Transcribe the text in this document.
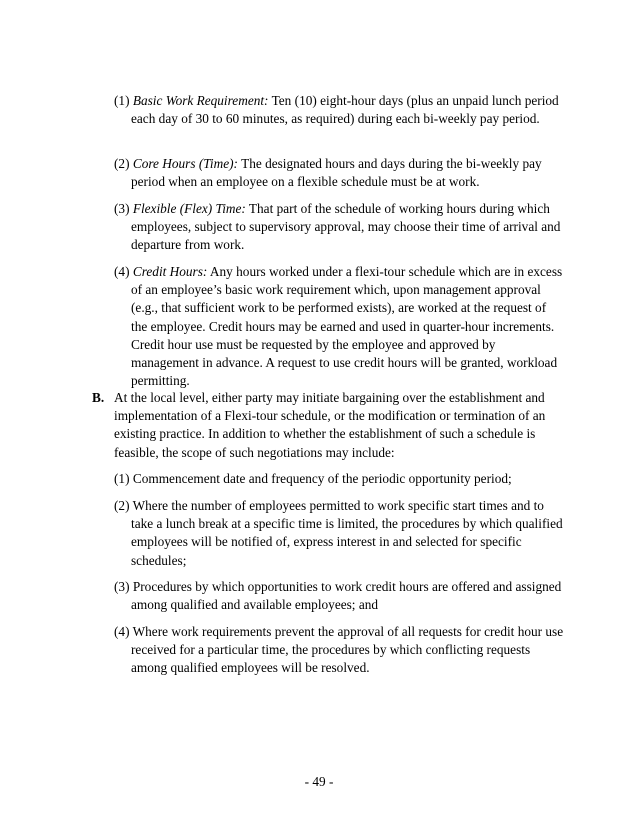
(1) Basic Work Requirement: Ten (10) eight-hour days (plus an unpaid lunch period each day of 30 to 60 minutes, as required) during each bi-weekly pay period.
(2) Core Hours (Time): The designated hours and days during the bi-weekly pay period when an employee on a flexible schedule must be at work.
(3) Flexible (Flex) Time: That part of the schedule of working hours during which employees, subject to supervisory approval, may choose their time of arrival and departure from work.
(4) Credit Hours: Any hours worked under a flexi-tour schedule which are in excess of an employee’s basic work requirement which, upon management approval (e.g., that sufficient work to be performed exists), are worked at the request of the employee. Credit hours may be earned and used in quarter-hour increments. Credit hour use must be requested by the employee and approved by management in advance. A request to use credit hours will be granted, workload permitting.
B. At the local level, either party may initiate bargaining over the establishment and implementation of a Flexi-tour schedule, or the modification or termination of an existing practice. In addition to whether the establishment of such a schedule is feasible, the scope of such negotiations may include:
(1) Commencement date and frequency of the periodic opportunity period;
(2) Where the number of employees permitted to work specific start times and to take a lunch break at a specific time is limited, the procedures by which qualified employees will be notified of, express interest in and selected for specific schedules;
(3) Procedures by which opportunities to work credit hours are offered and assigned among qualified and available employees; and
(4) Where work requirements prevent the approval of all requests for credit hour use received for a particular time, the procedures by which conflicting requests among qualified employees will be resolved.
- 49 -
